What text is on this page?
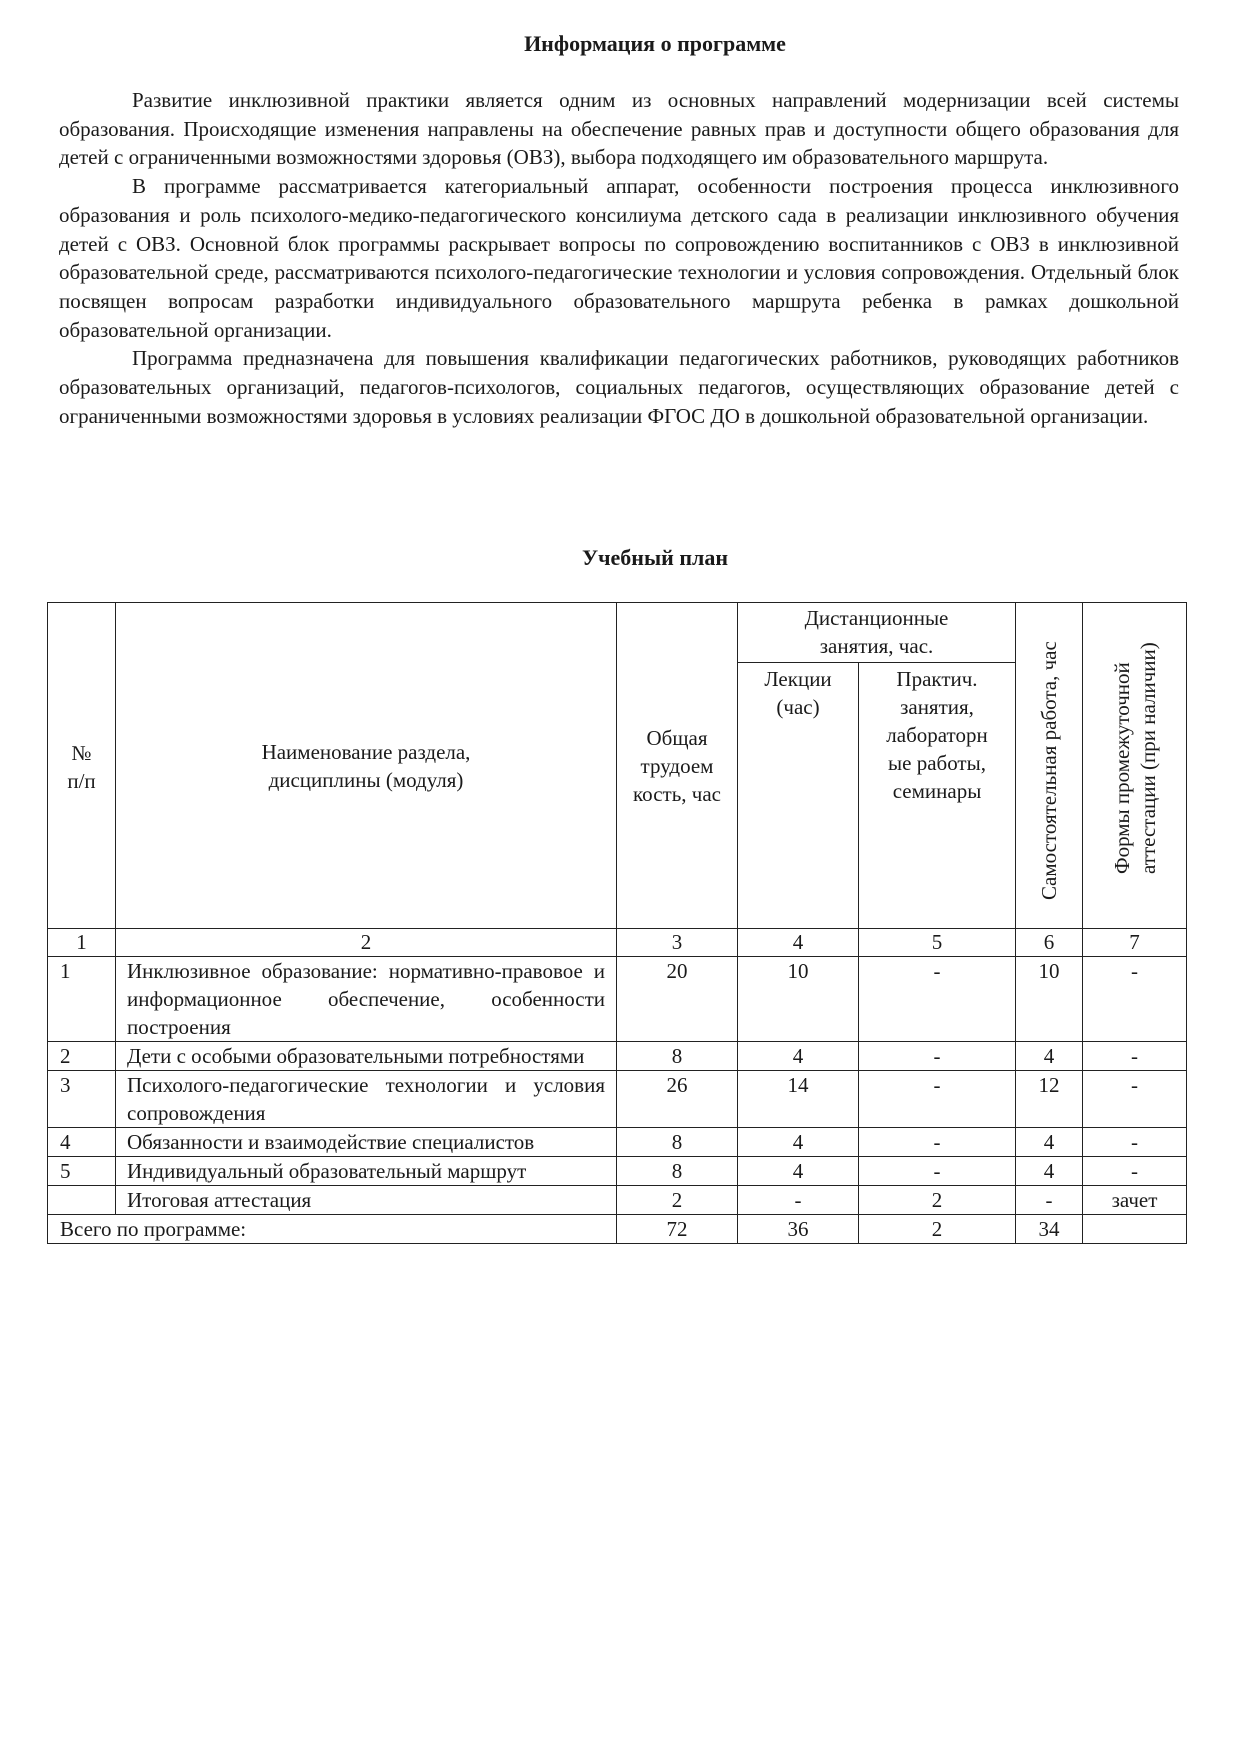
Информация о программе

Развитие инклюзивной практики является одним из основных направлений модернизации всей системы образования. Происходящие изменения направлены на обеспечение равных прав и доступности общего образования для детей с ограниченными возможностями здоровья (ОВЗ), выбора подходящего им образовательного маршрута.

В программе рассматривается категориальный аппарат, особенности построения процесса инклюзивного образования и роль психолого-медико-педагогического консилиума детского сада в реализации инклюзивного обучения детей с ОВЗ. Основной блок программы раскрывает вопросы по сопровождению воспитанников с ОВЗ в инклюзивной образовательной среде, рассматриваются психолого-педагогические технологии и условия сопровождения. Отдельный блок посвящен вопросам разработки индивидуального образовательного маршрута ребенка в рамках дошкольной образовательной организации.

Программа предназначена для повышения квалификации педагогических работников, руководящих работников образовательных организаций, педагогов-психологов, социальных педагогов, осуществляющих образование детей с ограниченными возможностями здоровья в условиях реализации ФГОС ДО в дошкольной образовательной организации.

Учебный план
№ п/п	Наименование раздела, дисциплины (модуля)	Общая трудоем кость, час	Дистанционные занятия, час.		Самостоятельная работа, час	Формы промежуточной аттестации (при наличии)

			Лекции (час)	Практич. занятия, лабораторн ые работы, семинары		

1	2	3	4	5	6	7
1	Инклюзивное образование: нормативно-правовое и информационное обеспечение, особенности построения	20	10	-	10	-
2	Дети с особыми образовательными потребностями	8	4	-	4	-
3	Психолого-педагогические технологии и условия сопровождения	26	14	-	12	-
4	Обязанности и взаимодействие специалистов	8	4	-	4	-
5	Индивидуальный образовательный маршрут	8	4	-	4	-
	Итоговая аттестация	2	-	2	-	зачет
Всего по программе:		72	36	2	34	
